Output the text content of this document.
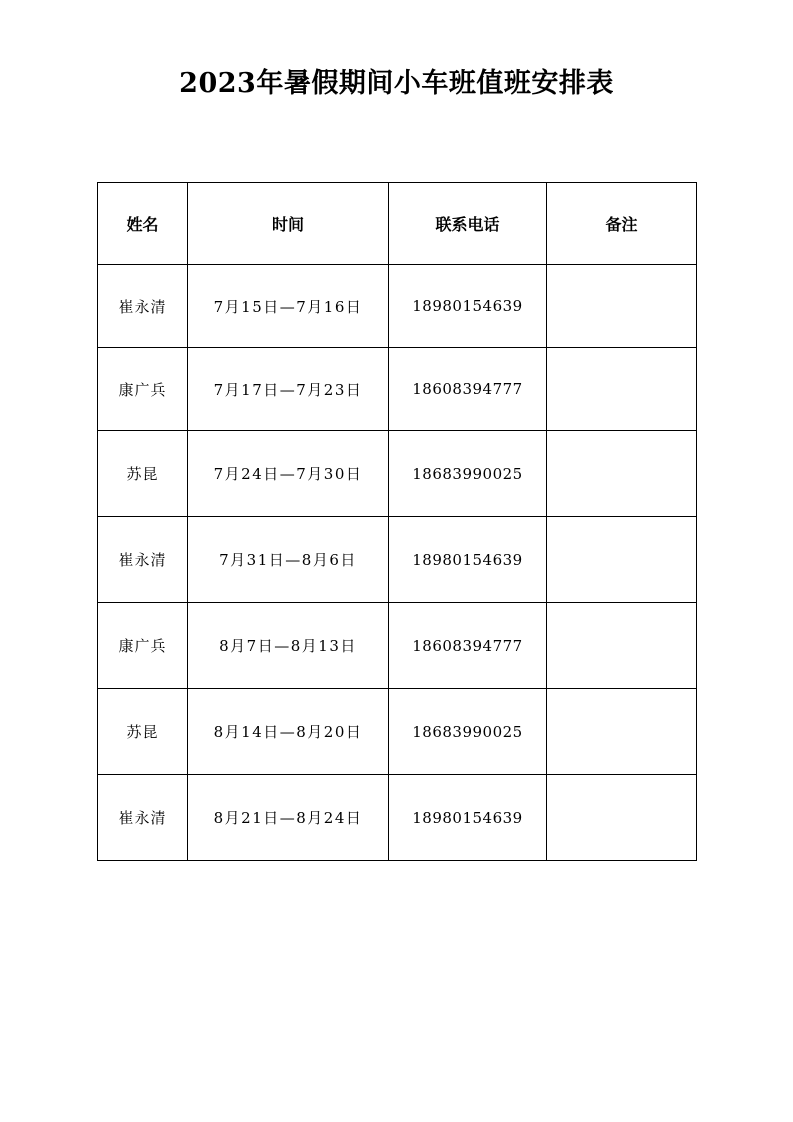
2023年暑假期间小车班值班安排表
姓名	时间	联系电话	备注
崔永清	7月15日—7月16日	18980154639	
康广兵	7月17日—7月23日	18608394777	
苏昆	7月24日—7月30日	18683990025	
崔永清	7月31日—8月6日	18980154639	
康广兵	8月7日—8月13日	18608394777	
苏昆	8月14日—8月20日	18683990025	
崔永清	8月21日—8月24日	18980154639	
